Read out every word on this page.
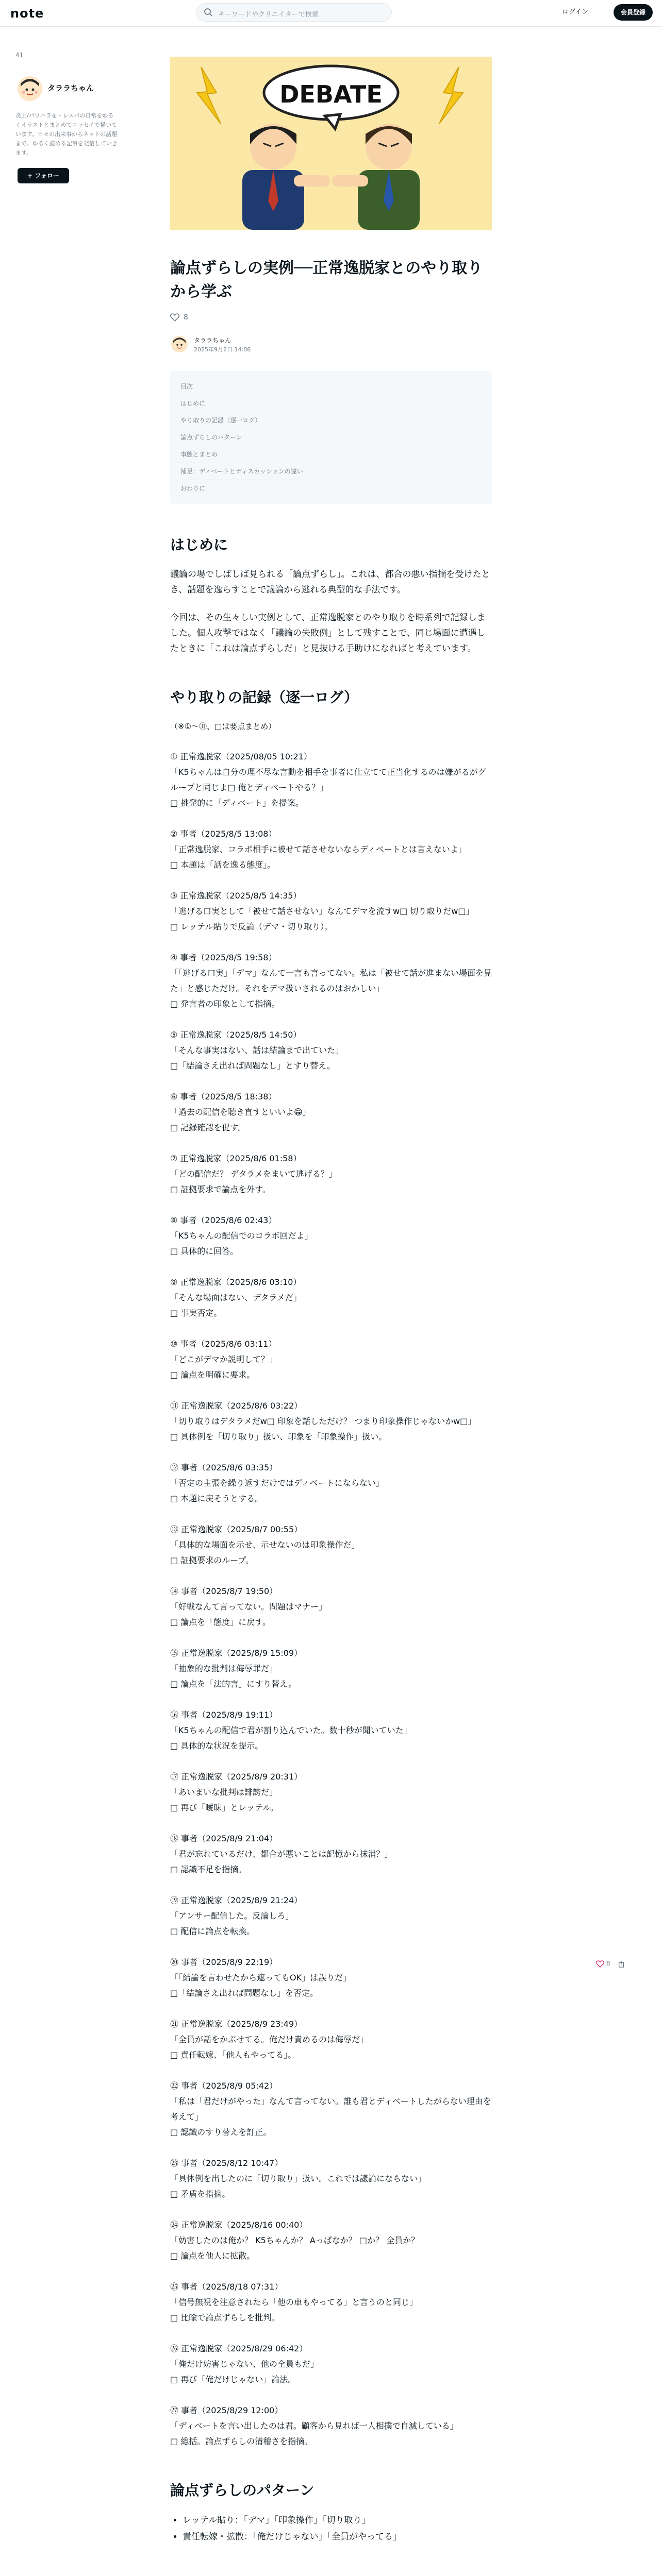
note	キーワードやクリエイターで検索	ログイン	会員登録
41
タララちゃん
炎上/パワハラを・レスバの日常をゆるくイラストとまとめてエッセイで描いています。日々の出来事からネットの話題まで。ゆるく読める記事を発信していきます。
+ フォロー
DEBATE
論点ずらしの実例──正常逸脱家とのやり取りから学ぶ
8
タララちゃん
2025年9月2日 14:06
目次
はじめに
やり取りの記録（逐一ログ）
論点ずらしのパターン
事態とまとめ
補足：ディベートとディスカッションの違い
おわりに
はじめに

議論の場でしばしば見られる「論点ずらし」。これは、都合の悪い指摘を受けたとき、話題を逸らすことで議論から逃れる典型的な手法です。

今回は、その生々しい実例として、正常逸脱家とのやり取りを時系列で記録しました。個人攻撃ではなく「議論の失敗例」として残すことで、同じ場面に遭遇したときに「これは論点ずらしだ」と見抜ける手助けになればと考えています。

やり取りの記録（逐一ログ）
（※①〜㉛、□は要点まとめ）
① 正常逸脱家（2025/08/05 10:21）
「K5ちゃんは自分の理不尽な言動を相手を事者に仕立てて正当化するのは嫌がるがグループと同じよ□ 俺とディベートやる？」
□ 挑発的に「ディベート」を提案。
② 事者（2025/8/5 13:08）
「正常逸脱家、コラボ相手に被せて話させないならディベートとは言えないよ」
□ 本題は「話を逸る態度」。
③ 正常逸脱家（2025/8/5 14:35）
「逃げる口実として「被せて話させない」なんてデマを流すw□ 切り取りだw□」
□ レッテル貼りで反論（デマ・切り取り）。
④ 事者（2025/8/5 19:58）
「「逃げる口実」「デマ」なんて一言も言ってない。私は「被せて話が進まない場面を見た」と感じただけ。それをデマ扱いされるのはおかしい」
□ 発言者の印象として指摘。
⑤ 正常逸脱家（2025/8/5 14:50）
「そんな事実はない、話は結論まで出ていた」
□「結論さえ出れば問題なし」とすり替え。
⑥ 事者（2025/8/5 18:38）
「過去の配信を聴き直すといいよ😁」
□ 記録確認を促す。
⑦ 正常逸脱家（2025/8/6 01:58）
「どの配信だ？ デタラメをまいて逃げる？」
□ 証拠要求で論点を外す。
⑧ 事者（2025/8/6 02:43）
「K5ちゃんの配信でのコラボ回だよ」
□ 具体的に回答。
⑨ 正常逸脱家（2025/8/6 03:10）
「そんな場面はない、デタラメだ」
□ 事実否定。
⑩ 事者（2025/8/6 03:11）
「どこがデマか説明して？」
□ 論点を明確に要求。
⑪ 正常逸脱家（2025/8/6 03:22）
「切り取りはデタラメだw□ 印象を話しただけ？ つまり印象操作じゃないかw□」
□ 具体例を「切り取り」扱い、印象を「印象操作」扱い。
⑫ 事者（2025/8/6 03:35）
「否定の主張を繰り返すだけではディベートにならない」
□ 本題に戻そうとする。
⑬ 正常逸脱家（2025/8/7 00:55）
「具体的な場面を示せ、示せないのは印象操作だ」
□ 証拠要求のループ。
⑭ 事者（2025/8/7 19:50）
「好戦なんて言ってない。問題はマナー」
□ 論点を「態度」に戻す。
⑮ 正常逸脱家（2025/8/9 15:09）
「抽象的な批判は侮辱罪だ」
□ 論点を「法的言」にすり替え。
⑯ 事者（2025/8/9 19:11）
「K5ちゃんの配信で君が割り込んでいた。数十秒が聞いていた」
□ 具体的な状況を提示。
⑰ 正常逸脱家（2025/8/9 20:31）
「あいまいな批判は誹謗だ」
□ 再び「曖昧」とレッテル。
⑱ 事者（2025/8/9 21:04）
「君が忘れているだけ、都合が悪いことは記憶から抹消？」
□ 認識不足を指摘。
⑲ 正常逸脱家（2025/8/9 21:24）
「アンサー配信した。反論しろ」
□ 配信に論点を転換。
⑳ 事者（2025/8/9 22:19）
「「結論を言わせたから遮ってもOK」は誤りだ」
□「結論さえ出れば問題なし」を否定。
㉑ 正常逸脱家（2025/8/9 23:49）
「全員が話をかぶせてる。俺だけ責めるのは侮辱だ」
□ 責任転嫁、「他人もやってる」。
㉒ 事者（2025/8/9 05:42）
「私は「君だけがやった」なんて言ってない。誰も君とディベートしたがらない理由を考えて」
□ 認識のすり替えを訂正。
㉓ 事者（2025/8/12 10:47）
「具体例を出したのに「切り取り」扱い。これでは議論にならない」
□ 矛盾を指摘。
㉔ 正常逸脱家（2025/8/16 00:40）
「妨害したのは俺か？ K5ちゃんか？ Aっぱなか？ □か？ 全員か？」
□ 論点を他人に拡散。
㉕ 事者（2025/8/18 07:31）
「信号無視を注意されたら「他の車もやってる」と言うのと同じ」
□ 比喩で論点ずらしを批判。
㉖ 正常逸脱家（2025/8/29 06:42）
「俺だけ妨害じゃない、他の全員もだ」
□ 再び「俺だけじゃない」論法。
㉗ 事者（2025/8/29 12:00）
「ディベートを言い出したのは君。顧客から見れば一人相撲で自滅している」
□ 総括。論点ずらしの清稽さを指摘。
論点ずらしのパターン
• レッテル貼り：「デマ」「印象操作」「切り取り」
• 責任転嫁・拡散：「俺だけじゃない」「全員がやってる」
8
